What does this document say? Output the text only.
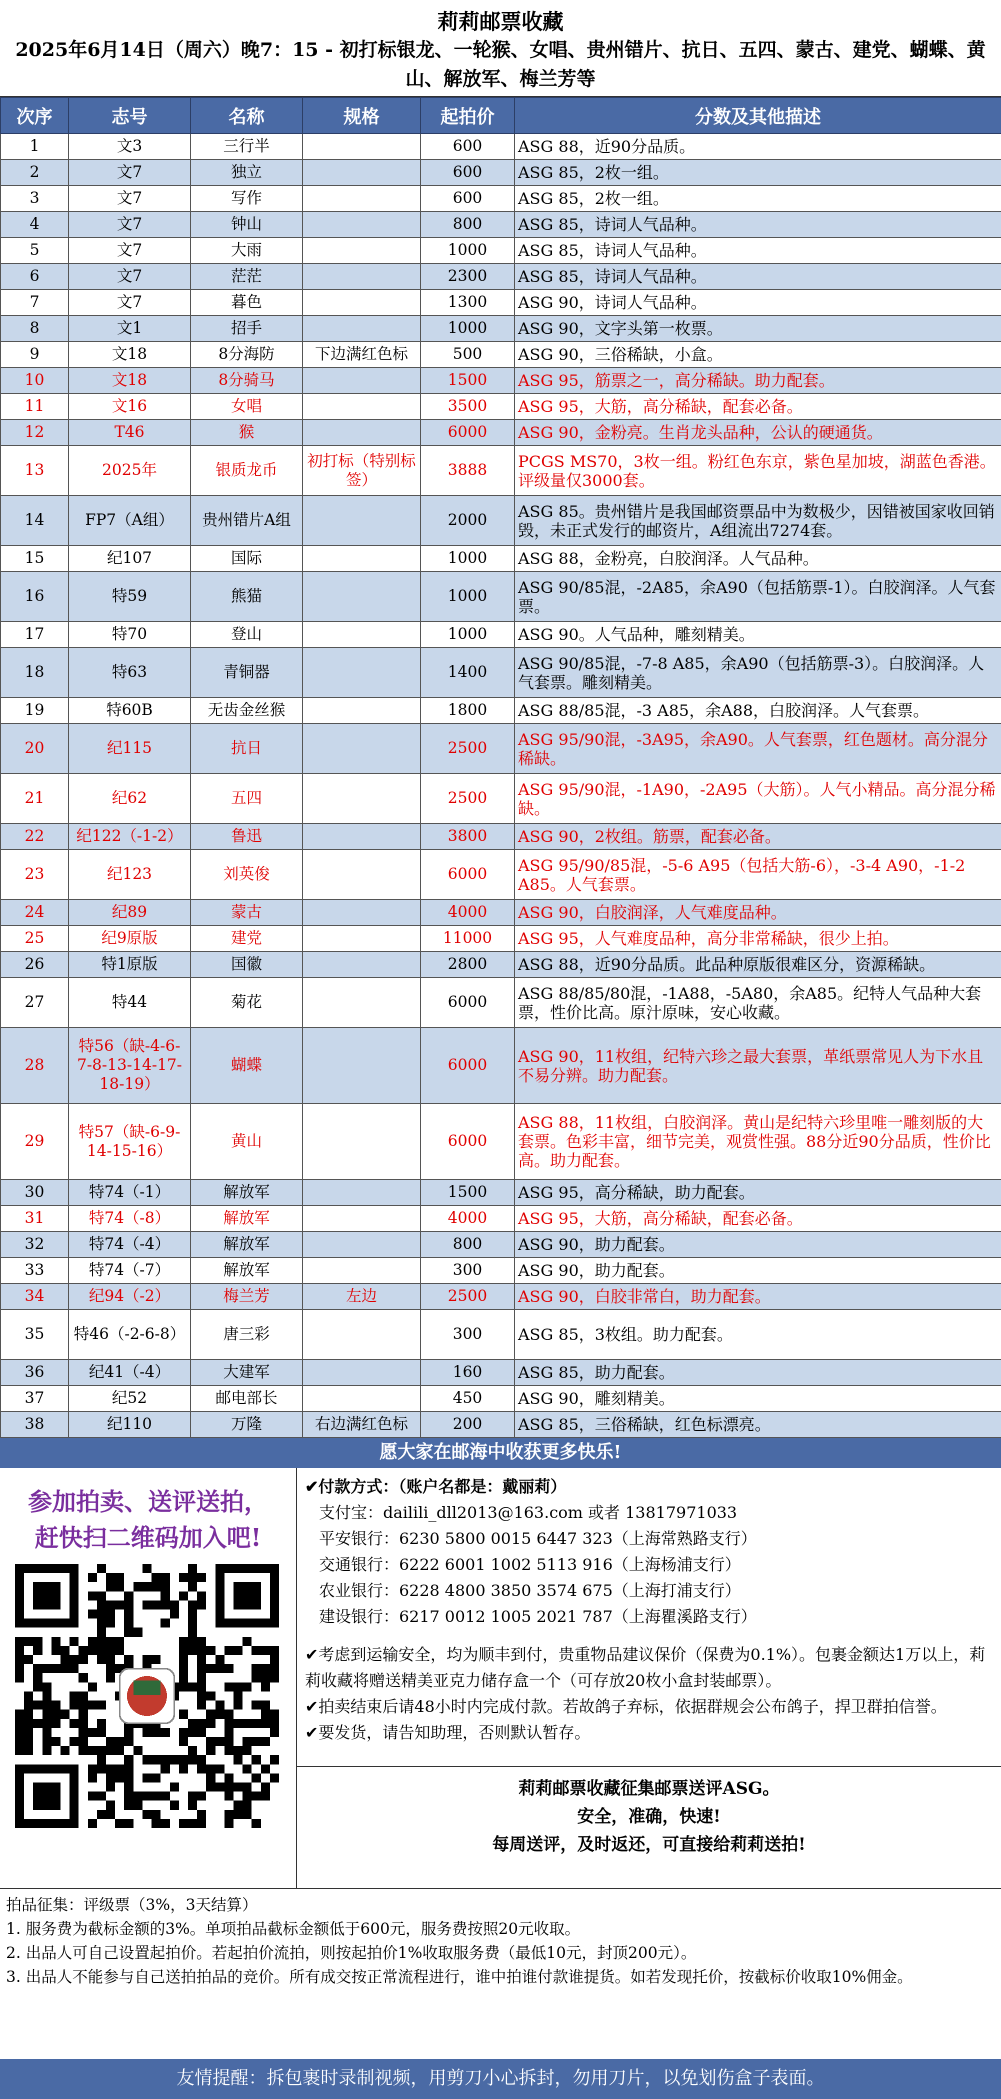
莉莉邮票收藏
2025年6月14日（周六）晚7：15 - 初打标银龙、一轮猴、女唱、贵州错片、抗日、五四、蒙古、建党、蝴蝶、黄山、解放军、梅兰芳等
次序	志号	名称	规格	起拍价	分数及其他描述
1	文3	三行半		600	ASG 88，近90分品质。
2	文7	独立		600	ASG 85，2枚一组。
3	文7	写作		600	ASG 85，2枚一组。
4	文7	钟山		800	ASG 85，诗词人气品种。
5	文7	大雨		1000	ASG 85，诗词人气品种。
6	文7	茫茫		2300	ASG 85，诗词人气品种。
7	文7	暮色		1300	ASG 90，诗词人气品种。
8	文1	招手		1000	ASG 90，文字头第一枚票。
9	文18	8分海防	下边满红色标	500	ASG 90，三俗稀缺，小盒。
10	文18	8分骑马		1500	ASG 95，筋票之一，高分稀缺。助力配套。
11	文16	女唱		3500	ASG 95，大筋，高分稀缺，配套必备。
12	T46	猴		6000	ASG 90，金粉亮。生肖龙头品种，公认的硬通货。
13	2025年	银质龙币	初打标（特别标签）	3888	PCGS MS70，3枚一组。粉红色东京，紫色星加坡，湖蓝色香港。评级量仅3000套。
14	FP7（A组）	贵州错片A组		2000	ASG 85。贵州错片是我国邮资票品中为数极少，因错被国家收回销毁，未正式发行的邮资片，A组流出7274套。
15	纪107	国际		1000	ASG 88，金粉亮，白胶润泽。人气品种。
16	特59	熊猫		1000	ASG 90/85混，-2A85，余A90（包括筋票-1）。白胶润泽。人气套票。
17	特70	登山		1000	ASG 90。人气品种，雕刻精美。
18	特63	青铜器		1400	ASG 90/85混，-7-8 A85，余A90（包括筋票-3）。白胶润泽。人气套票。雕刻精美。
19	特60B	无齿金丝猴		1800	ASG 88/85混，-3 A85，余A88，白胶润泽。人气套票。
20	纪115	抗日		2500	ASG 95/90混，-3A95，余A90。人气套票，红色题材。高分混分稀缺。
21	纪62	五四		2500	ASG 95/90混，-1A90，-2A95（大筋）。人气小精品。高分混分稀缺。
22	纪122（-1-2）	鲁迅		3800	ASG 90，2枚组。筋票，配套必备。
23	纪123	刘英俊		6000	ASG 95/90/85混，-5-6 A95（包括大筋-6），-3-4 A90，-1-2 A85。人气套票。
24	纪89	蒙古		4000	ASG 90，白胶润泽，人气难度品种。
25	纪9原版	建党		11000	ASG 95，人气难度品种，高分非常稀缺，很少上拍。
26	特1原版	国徽		2800	ASG 88，近90分品质。此品种原版很难区分，资源稀缺。
27	特44	菊花		6000	ASG 88/85/80混，-1A88，-5A80，余A85。纪特人气品种大套票，性价比高。原汁原味，安心收藏。
28	特56（缺-4-6-7-8-13-14-17-18-19）	蝴蝶		6000	ASG 90，11枚组，纪特六珍之最大套票，革纸票常见人为下水且不易分辨。助力配套。
29	特57（缺-6-9-14-15-16）	黄山		6000	ASG 88，11枚组，白胶润泽。黄山是纪特六珍里唯一雕刻版的大套票。色彩丰富，细节完美，观赏性强。88分近90分品质，性价比高。助力配套。
30	特74（-1）	解放军		1500	ASG 95，高分稀缺，助力配套。
31	特74（-8）	解放军		4000	ASG 95，大筋，高分稀缺，配套必备。
32	特74（-4）	解放军		800	ASG 90，助力配套。
33	特74（-7）	解放军		300	ASG 90，助力配套。
34	纪94（-2）	梅兰芳	左边	2500	ASG 90，白胶非常白，助力配套。
35	特46（-2-6-8）	唐三彩		300	ASG 85，3枚组。助力配套。
36	纪41（-4）	大建军		160	ASG 85，助力配套。
37	纪52	邮电部长		450	ASG 90，雕刻精美。
38	纪110	万隆	右边满红色标	200	ASG 85，三俗稀缺，红色标漂亮。
愿大家在邮海中收获更多快乐!
参加拍卖、送评送拍，
赶快扫二维码加入吧!
✔付款方式：（账户名都是：戴丽莉）
支付宝：dailili_dll2013@163.com 或者 13817971033
平安银行：6230 5800 0015 6447 323（上海常熟路支行）
交通银行：6222 6001 1002 5113 916（上海杨浦支行）
农业银行：6228 4800 3850 3574 675（上海打浦支行）
建设银行：6217 0012 1005 2021 787（上海瞿溪路支行）
✔考虑到运输安全，均为顺丰到付，贵重物品建议保价（保费为0.1%）。包裹金额达1万以上，莉莉收藏将赠送精美亚克力储存盒一个（可存放20枚小盒封装邮票）。
✔拍卖结束后请48小时内完成付款。若故鸽子弃标，依据群规会公布鸽子，捍卫群拍信誉。
✔要发货，请告知助理，否则默认暂存。
莉莉邮票收藏征集邮票送评ASG。
安全，准确，快速!
每周送评，及时返还，可直接给莉莉送拍!
拍品征集：评级票（3%，3天结算）
1. 服务费为截标金额的3%。单项拍品截标金额低于600元，服务费按照20元收取。
2. 出品人可自己设置起拍价。若起拍价流拍，则按起拍价1%收取服务费（最低10元，封顶200元）。
3. 出品人不能参与自己送拍拍品的竞价。所有成交按正常流程进行，谁中拍谁付款谁提货。如若发现托价，按截标价收取10%佣金。
友情提醒：拆包裹时录制视频，用剪刀小心拆封，勿用刀片，以免划伤盒子表面。
